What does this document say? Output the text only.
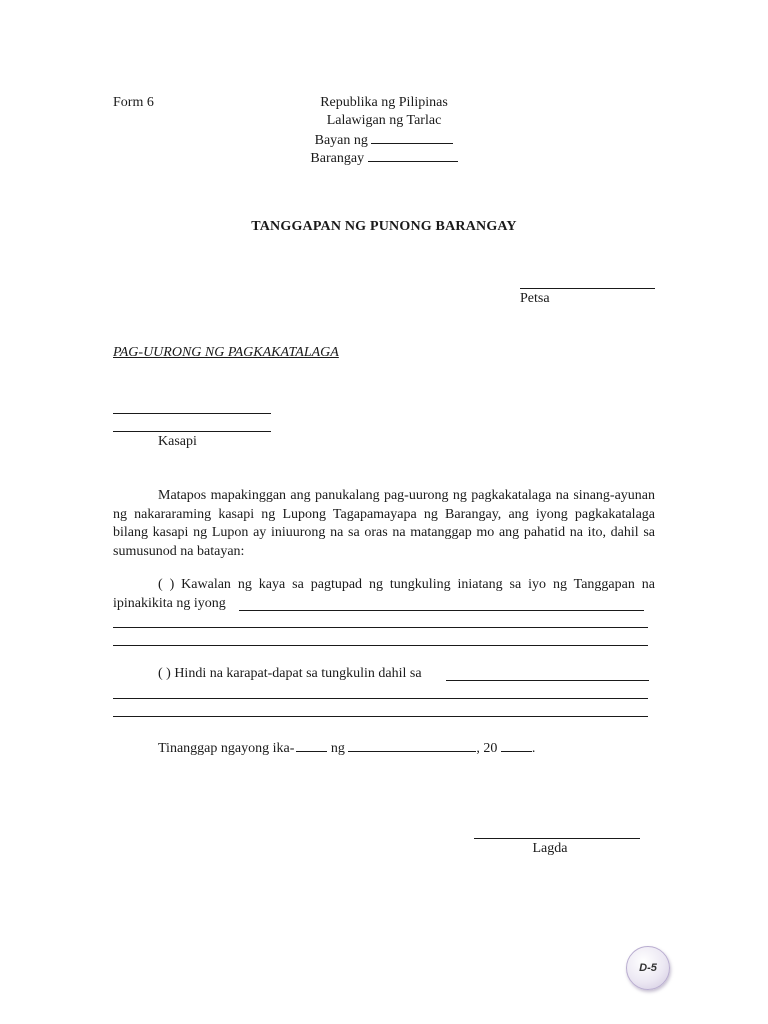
Form 6	Republika ng Pilipinas
Lalawigan ng Tarlac
Bayan ng
Barangay
TANGGAPAN NG PUNONG BARANGAY
Petsa
PAG-UURONG NG PAGKAKATALAGA
Kasapi
Matapos mapakinggan ang panukalang pag-uurong ng pagkakatalaga na sinang-ayunan ng nakararaming kasapi ng Lupong Tagapamayapa ng Barangay, ang iyong pagkakatalaga bilang kasapi ng Lupon ay iniuurong na sa oras na matanggap mo ang pahatid na ito, dahil sa sumusunod na batayan:
( ) Kawalan ng kaya sa pagtupad ng tungkuling iniatang sa iyo ng Tanggapan na
ipinakikita ng iyong
( ) Hindi na karapat-dapat sa tungkulin dahil sa
Tinanggap ngayong ika-	ng	, 20 .
Lagda
D-5
